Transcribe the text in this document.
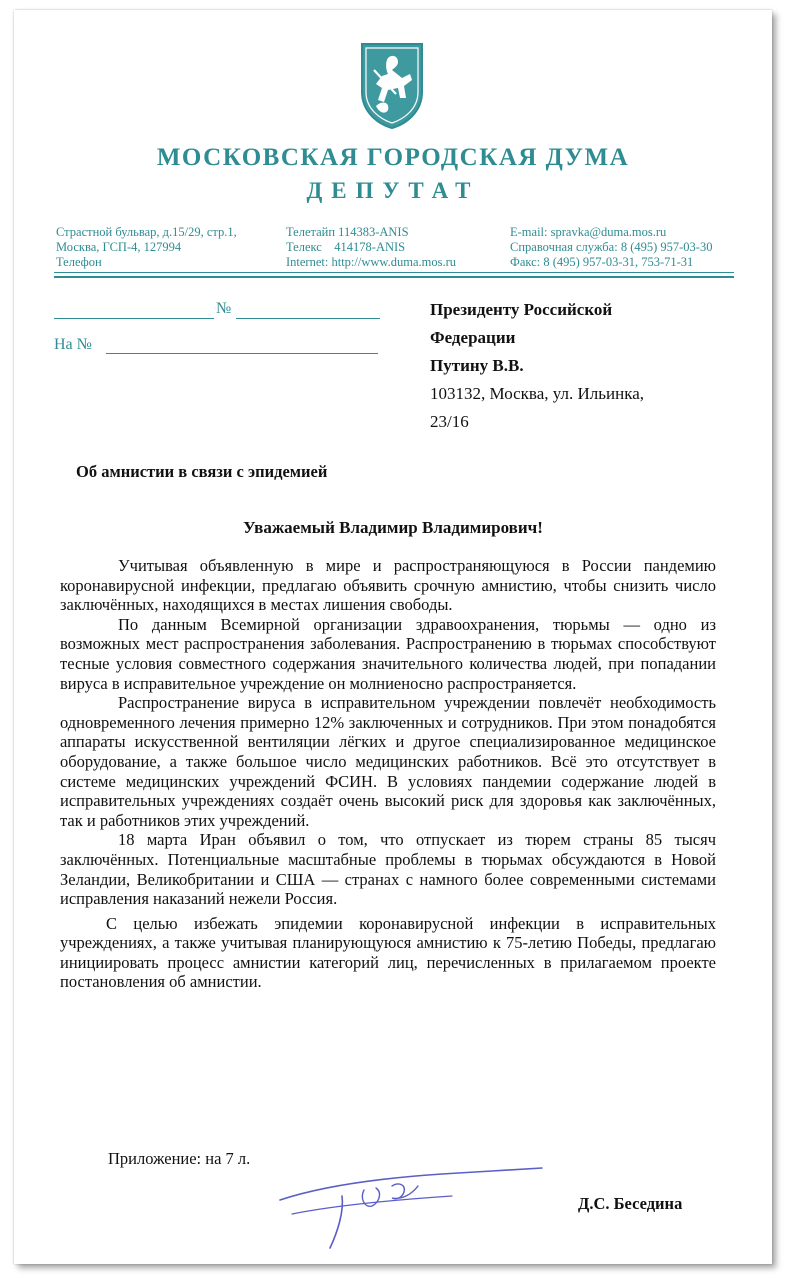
МОСКОВСКАЯ ГОРОДСКАЯ ДУМА
ДЕПУТАТ
Страстной бульвар, д.15/29, стр.1,
Москва, ГСП-4, 127994
Телефон
Телетайп 114383-ANIS
Телекс    414178-ANIS
Internet: http://www.duma.mos.ru
E-mail: spravka@duma.mos.ru
Справочная служба: 8 (495) 957-03-30
Факс: 8 (495) 957-03-31, 753-71-31
№
На №
Президенту Российской
Федерации
Путину В.В.
103132, Москва, ул. Ильинка,
23/16
Об амнистии в связи с эпидемией
Уважаемый Владимир Владимирович!

Учитывая объявленную в мире и распространяющуюся в России пандемию коронавирусной инфекции, предлагаю объявить срочную амнистию, чтобы снизить число заключённых, находящихся в местах лишения свободы.

По данным Всемирной организации здравоохранения, тюрьмы — одно из возможных мест распространения заболевания. Распространению в тюрьмах способствуют тесные условия совместного содержания значительного количества людей, при попадании вируса в исправительное учреждение он молниеносно распространяется.

Распространение вируса в исправительном учреждении повлечёт необходимость одновременного лечения примерно 12% заключенных и сотрудников. При этом понадобятся аппараты искусственной вентиляции лёгких и другое специализированное медицинское оборудование, а также большое число медицинских работников. Всё это отсутствует в системе медицинских учреждений ФСИН. В условиях пандемии содержание людей в исправительных учреждениях создаёт очень высокий риск для здоровья как заключённых, так и работников этих учреждений.

18 марта Иран объявил о том, что отпускает из тюрем страны 85 тысяч заключённых. Потенциальные масштабные проблемы в тюрьмах обсуждаются в Новой Зеландии, Великобритании и США — странах с намного более современными системами исправления наказаний нежели Россия.

С целью избежать эпидемии коронавирусной инфекции в исправительных учреждениях, а также учитывая планирующуюся амнистию к 75-летию Победы, предлагаю инициировать процесс амнистии категорий лиц, перечисленных в прилагаемом проекте постановления об амнистии.

Приложение: на 7 л.
Д.С. Беседина
